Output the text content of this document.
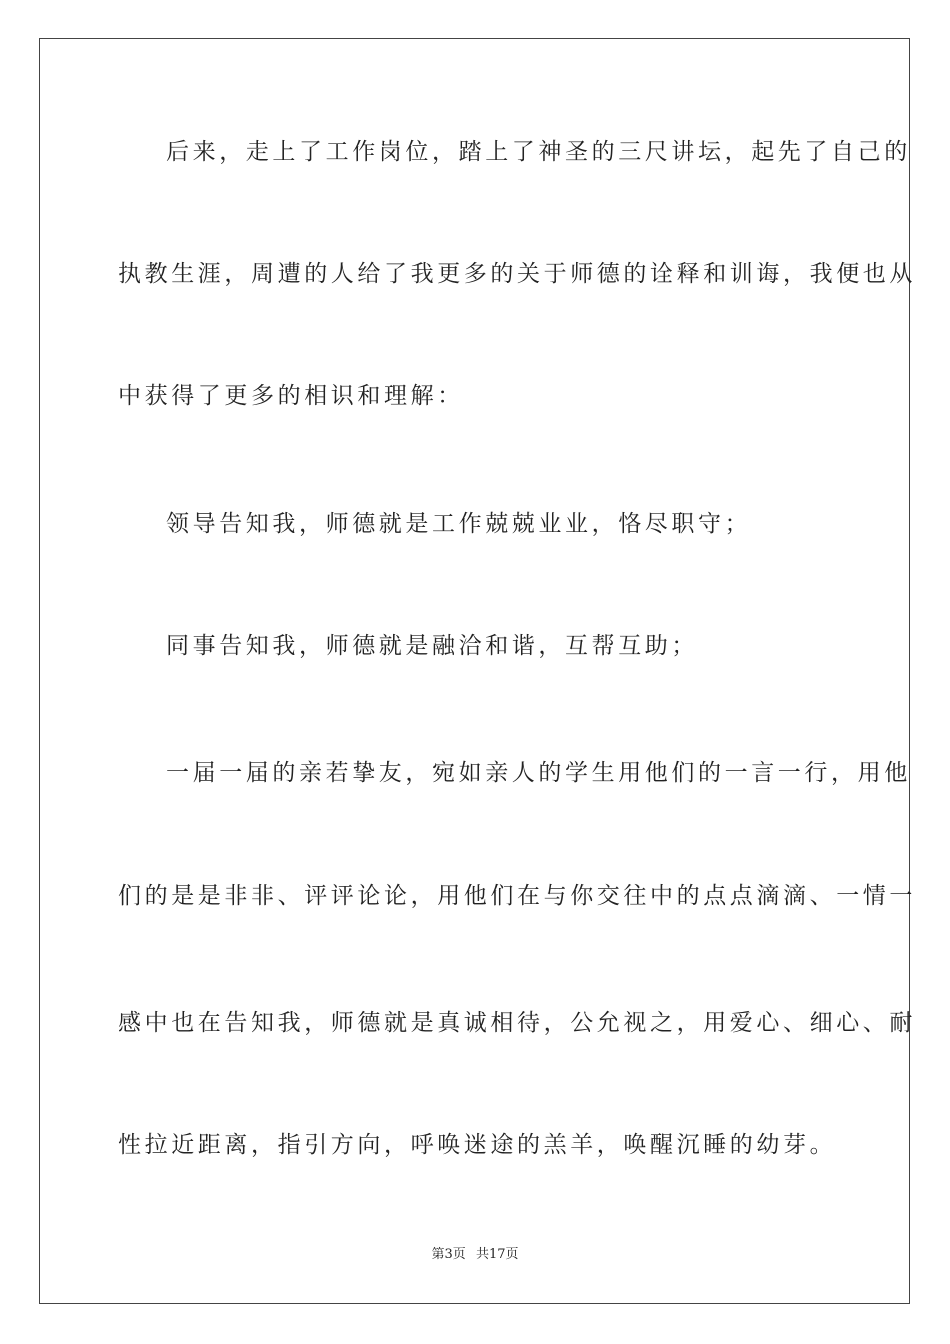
后来，走上了工作岗位，踏上了神圣的三尺讲坛，起先了自己的
执教生涯，周遭的人给了我更多的关于师德的诠释和训诲，我便也从
中获得了更多的相识和理解：
领导告知我，师德就是工作兢兢业业，恪尽职守；
同事告知我，师德就是融洽和谐，互帮互助；
一届一届的亲若挚友，宛如亲人的学生用他们的一言一行，用他
们的是是非非、评评论论，用他们在与你交往中的点点滴滴、一情一
感中也在告知我，师德就是真诚相待，公允视之，用爱心、细心、耐
性拉近距离，指引方向，呼唤迷途的羔羊，唤醒沉睡的幼芽。
第3页 共17页
